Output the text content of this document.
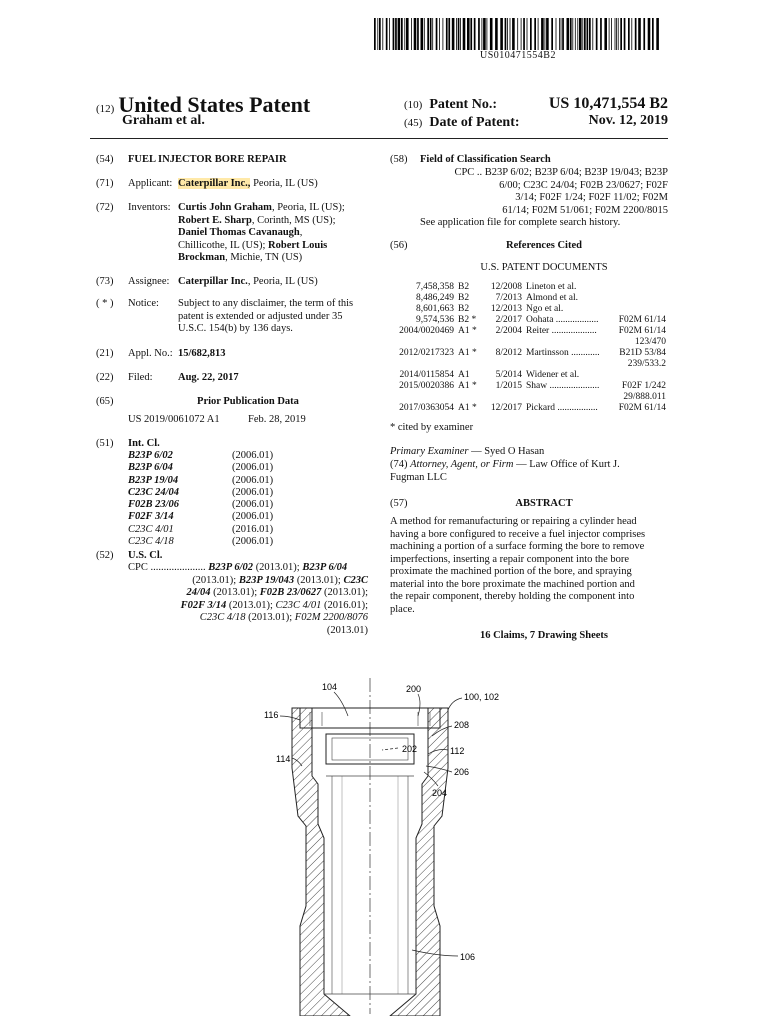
US010471554B2
(12) United States Patent
Graham et al.
(10) Patent No.:	US 10,471,554 B2
(45) Date of Patent:	Nov. 12, 2019
(54) FUEL INJECTOR BORE REPAIR
(71) Applicant: Caterpillar Inc., Peoria, IL (US)
(72) Inventors: Curtis John Graham, Peoria, IL (US);
Robert E. Sharp, Corinth, MS (US);
Daniel Thomas Cavanaugh,
Chillicothe, IL (US); Robert Louis
Brockman, Michie, TN (US)
(73) Assignee: Caterpillar Inc., Peoria, IL (US)
( * ) Notice: Subject to any disclaimer, the term of this
patent is extended or adjusted under 35
U.S.C. 154(b) by 136 days.
(21) Appl. No.: 15/682,813
(22) Filed: Aug. 22, 2017
(65)	Prior Publication Data
US 2019/0061072 A1	Feb. 28, 2019
(51) Int. Cl.
B23P 6/02	(2006.01)
B23P 6/04	(2006.01)
B23P 19/04	(2006.01)
C23C 24/04	(2006.01)
F02B 23/06	(2006.01)
F02F 3/14	(2006.01)
C23C 4/01	(2016.01)
C23C 4/18	(2006.01)
(52) U.S. Cl.
CPC ..................... B23P 6/02 (2013.01); B23P 6/04
(2013.01); B23P 19/043 (2013.01); C23C
24/04 (2013.01); F02B 23/0627 (2013.01);
F02F 3/14 (2013.01); C23C 4/01 (2016.01);
C23C 4/18 (2013.01); F02M 2200/8076
(2013.01)
(58) Field of Classification Search
CPC .. B23P 6/02; B23P 6/04; B23P 19/043; B23P
6/00; C23C 24/04; F02B 23/0627; F02F
3/14; F02F 1/24; F02F 11/02; F02M
61/14; F02M 51/061; F02M 2200/8015
See application file for complete search history.
(56)	References Cited
U.S. PATENT DOCUMENTS
7,458,358	B2	12/2008	Lineton et al.	
8,486,249	B2	7/2013	Almond et al.	
8,601,663	B2	12/2013	Ngo et al.	
9,574,536	B2 *	2/2017	Oohata ..................	F02M 61/14
2004/0020469	A1 *	2/2004	Reiter ...................	F02M 61/14
				123/470
2012/0217323	A1 *	8/2012	Martinsson ............	B21D 53/84
				239/533.2
2014/0115854	A1	5/2014	Widener et al.	
2015/0020386	A1 *	1/2015	Shaw .....................	F02F 1/242
				29/888.011
2017/0363054	A1 *	12/2017	Pickard .................	F02M 61/14
* cited by examiner
Primary Examiner — Syed O Hasan
(74) Attorney, Agent, or Firm — Law Office of Kurt J.
Fugman LLC
(57)	ABSTRACT
A method for remanufacturing or repairing a cylinder head
having a bore configured to receive a fuel injector comprises
machining a portion of a surface forming the bore to remove
imperfections, inserting a repair component into the bore
proximate the machined portion of the bore, and spraying
material into the bore proximate the machined portion and
the repair component, thereby holding the component into
place.
16 Claims, 7 Drawing Sheets
104	200
100, 102
116
208
202	112
114
206
204
106
